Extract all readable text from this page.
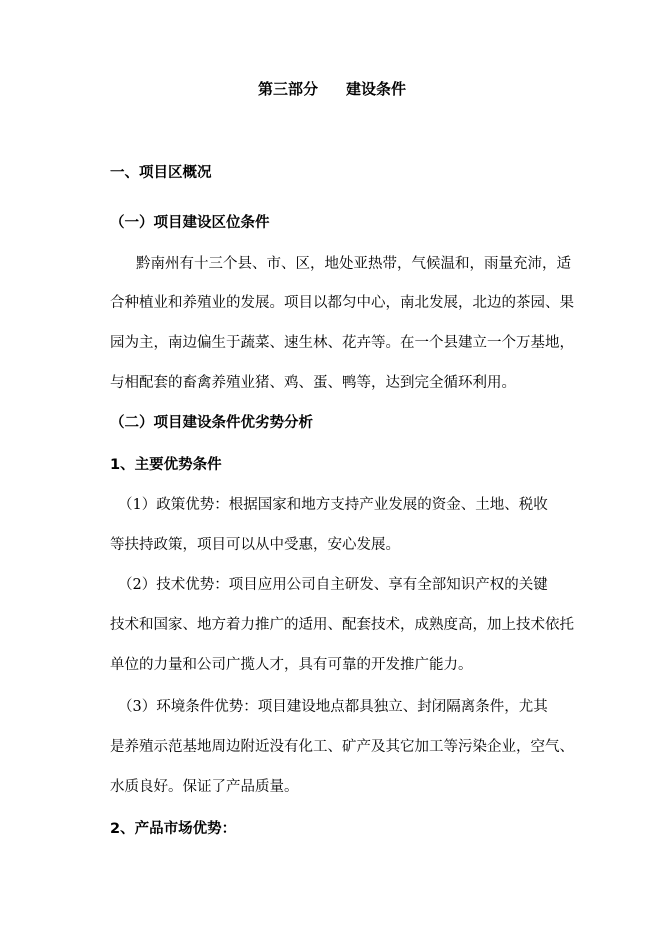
第三部分 建设条件
一、项目区概况
（一）项目建设区位条件
黔南州有十三个县、市、区，地处亚热带，气候温和，雨量充沛，适
合种植业和养殖业的发展。项目以都匀中心，南北发展，北边的茶园、果
园为主，南边偏生于蔬菜、速生林、花卉等。在一个县建立一个万基地，
与相配套的畜禽养殖业猪、鸡、蛋、鸭等，达到完全循环利用。
（二）项目建设条件优劣势分析
1、主要优势条件
（1）政策优势：根据国家和地方支持产业发展的资金、土地、税收
等扶持政策，项目可以从中受惠，安心发展。
（2）技术优势：项目应用公司自主研发、享有全部知识产权的关键
技术和国家、地方着力推广的适用、配套技术，成熟度高，加上技术依托
单位的力量和公司广揽人才，具有可靠的开发推广能力。
（3）环境条件优势：项目建设地点都具独立、封闭隔离条件，尤其
是养殖示范基地周边附近没有化工、矿产及其它加工等污染企业，空气、
水质良好。保证了产品质量。
2、产品市场优势：
